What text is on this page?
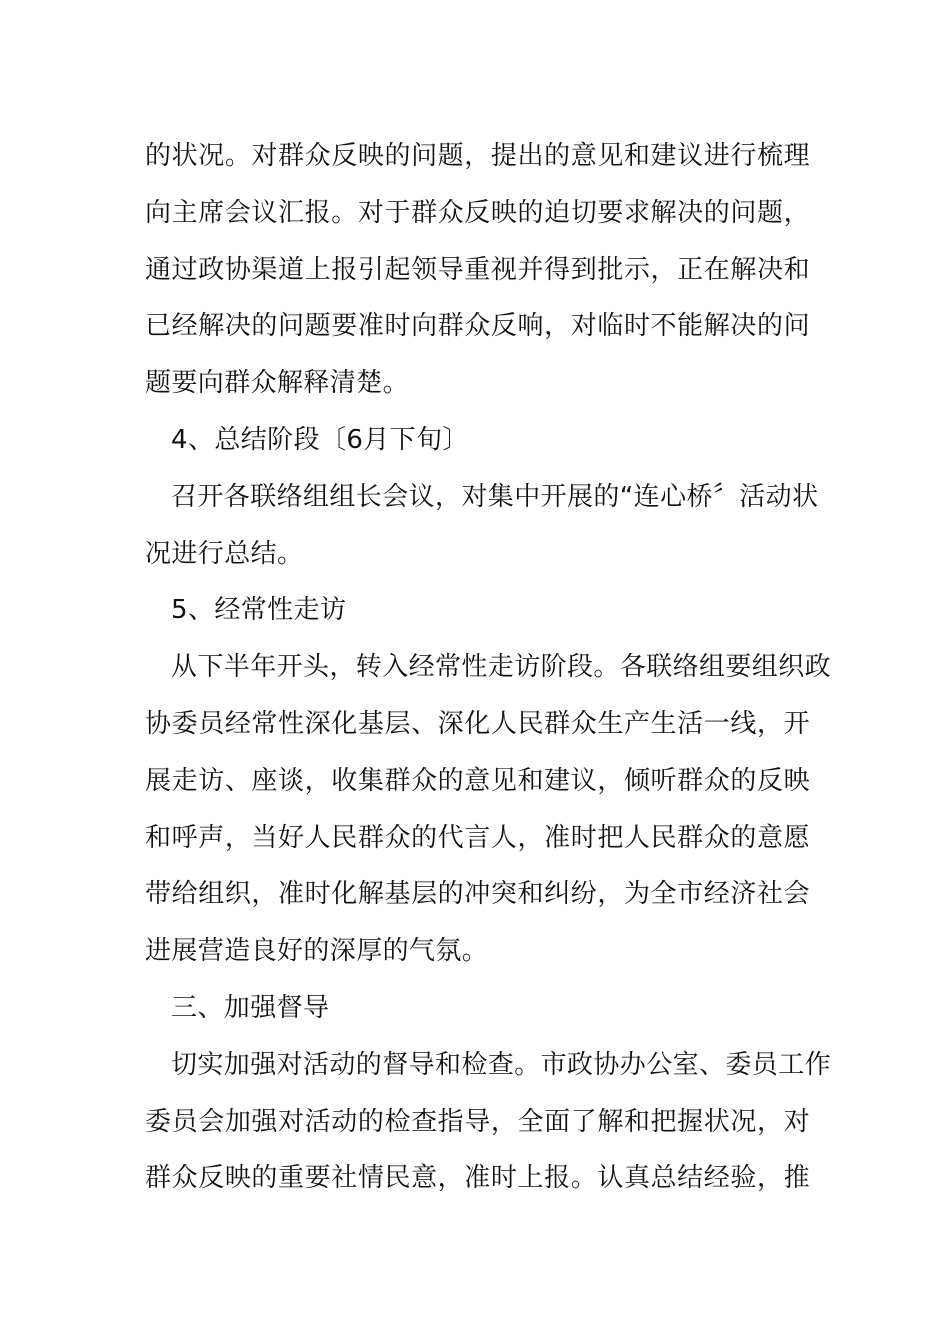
的状况。对群众反映的问题，提出的意见和建议进行梳理
向主席会议汇报。对于群众反映的迫切要求解决的问题，
通过政协渠道上报引起领导重视并得到批示，正在解决和
已经解决的问题要准时向群众反响，对临时不能解决的问
题要向群众解释清楚。
4、总结阶段〔6月下旬〕
召开各联络组组长会议，对集中开展的“连心桥〞活动状
况进行总结。
5、经常性走访
从下半年开头，转入经常性走访阶段。各联络组要组织政
协委员经常性深化基层、深化人民群众生产生活一线，开
展走访、座谈，收集群众的意见和建议，倾听群众的反映
和呼声，当好人民群众的代言人，准时把人民群众的意愿
带给组织，准时化解基层的冲突和纠纷，为全市经济社会
进展营造良好的深厚的气氛。
三、加强督导
切实加强对活动的督导和检查。市政协办公室、委员工作
委员会加强对活动的检查指导，全面了解和把握状况，对
群众反映的重要社情民意，准时上报。认真总结经验，推
